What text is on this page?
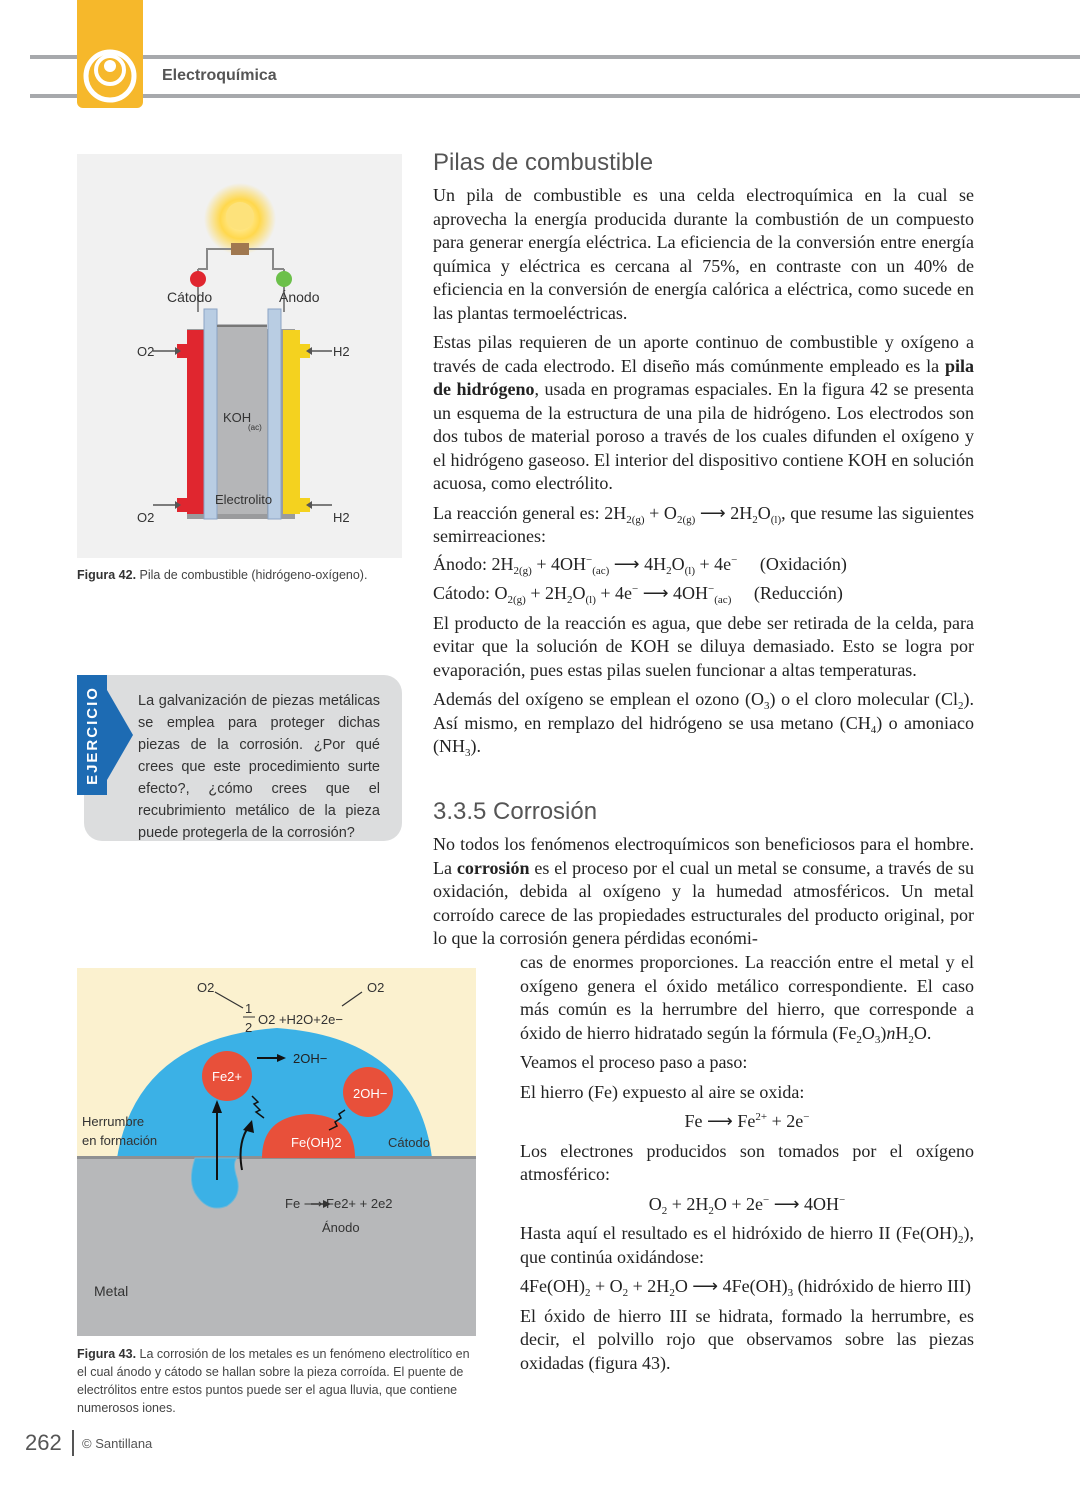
Electroquímica
Cátodo	Ánodo
O2
O2
H2
H2
KOH
(ac)
Electrolito
Figura 42. Pila de combustible (hidrógeno-oxígeno).
EJERCICIO	La galvanización de piezas metálicas se emplea para proteger dichas piezas de la corrosión. ¿Por qué crees que este procedimiento surte efecto?, ¿cómo crees que el recubrimiento metálico de la pieza puede protegerla de la corrosión?
O2	O2
1
2
O2 +H2O+2e−
2OH−
Fe2+
2OH−
Herrumbre en formación	Fe(OH)2	Cátodo
Fe ⟶ Fe2+ + 2e2
Ánodo
Metal
Figura 43. La corrosión de los metales es un fenómeno electrolítico en el cual ánodo y cátodo se hallan sobre la pieza corroída. El puente de electrólitos entre estos puntos puede ser el agua lluvia, que contiene numerosos iones.
Pilas de combustible

Un pila de combustible es una celda electroquímica en la cual se aprovecha la energía producida durante la combustión de un compuesto para generar energía eléctrica. La eficiencia de la conversión entre energía química y eléctrica es cercana al 75%, en contraste con un 40% de eficiencia en la conversión de energía calórica a eléctrica, como sucede en las plantas termoeléctricas.

Estas pilas requieren de un aporte continuo de combustible y oxígeno a través de cada electrodo. El diseño más comúnmente empleado es la pila de hidrógeno, usada en programas espaciales. En la figura 42 se presenta un esquema de la estructura de una pila de hidrógeno. Los electrodos son dos tubos de material poroso a través de los cuales difunden el oxígeno y el hidrógeno gaseoso. El interior del dispositivo contiene KOH en solución acuosa, como electrólito.

La reacción general es: $2H_{2(g)} + O_{2(g)}$ ⟶ $2H_2O_{(l)}$, que resume las siguientes semirreaciones:

Ánodo: $2H_{2(g)} + 4OH^-_{(ac)}$ ⟶ $4H_2O_{(l)} + 4e^-$ (Oxidación)
Cátodo: $O_{2(g)} + 2H_2O_{(l)} + 4e^-$ ⟶ $4OH^-_{(ac)}$ (Reducción)

El producto de la reacción es agua, que debe ser retirada de la celda, para evitar que la solución de KOH se diluya demasiado. Esto se logra por evaporación, pues estas pilas suelen funcionar a altas temperaturas.

Además del oxígeno se emplean el ozono $(O_3)$ o el cloro molecular $(Cl_2)$. Así mismo, en remplazo del hidrógeno se usa metano $(CH_4)$ o amoniaco $(NH_3)$.

3.3.5 Corrosión

No todos los fenómenos electroquímicos son beneficiosos para el hombre. La corrosión es el proceso por el cual un metal se consume, a través de su oxidación, debida al oxígeno y la humedad atmosféricos. Un metal corroído carece de las propiedades estructurales del producto original, por lo que la corrosión genera pérdidas económi-

cas de enormes proporciones. La reacción entre el metal y el oxígeno genera el óxido metálico correspondiente. El caso más común es la herrumbre del hierro, que corresponde a óxido de hierro hidratado según la fórmula $(Fe_2O_3)nH_2O$.

Veamos el proceso paso a paso:

El hierro (Fe) expuesto al aire se oxida:

Fe ⟶ $Fe^{2+} + 2e^-$

Los electrones producidos son tomados por el oxígeno atmosférico:

$O_2 + 2H_2O + 2e^-$ ⟶ 4OH−

Hasta aquí el resultado es el hidróxido de hierro II $(Fe(OH)_2)$, que continúa oxidándose:

$4Fe(OH)_2 + O_2 + 2H_2O$ ⟶ $4Fe(OH)_3$ (hidróxido de hierro III)

El óxido de hierro III se hidrata, formado la herrumbre, es decir, el polvillo rojo que observamos sobre las piezas oxidadas (figura 43).

262 © Santillana
